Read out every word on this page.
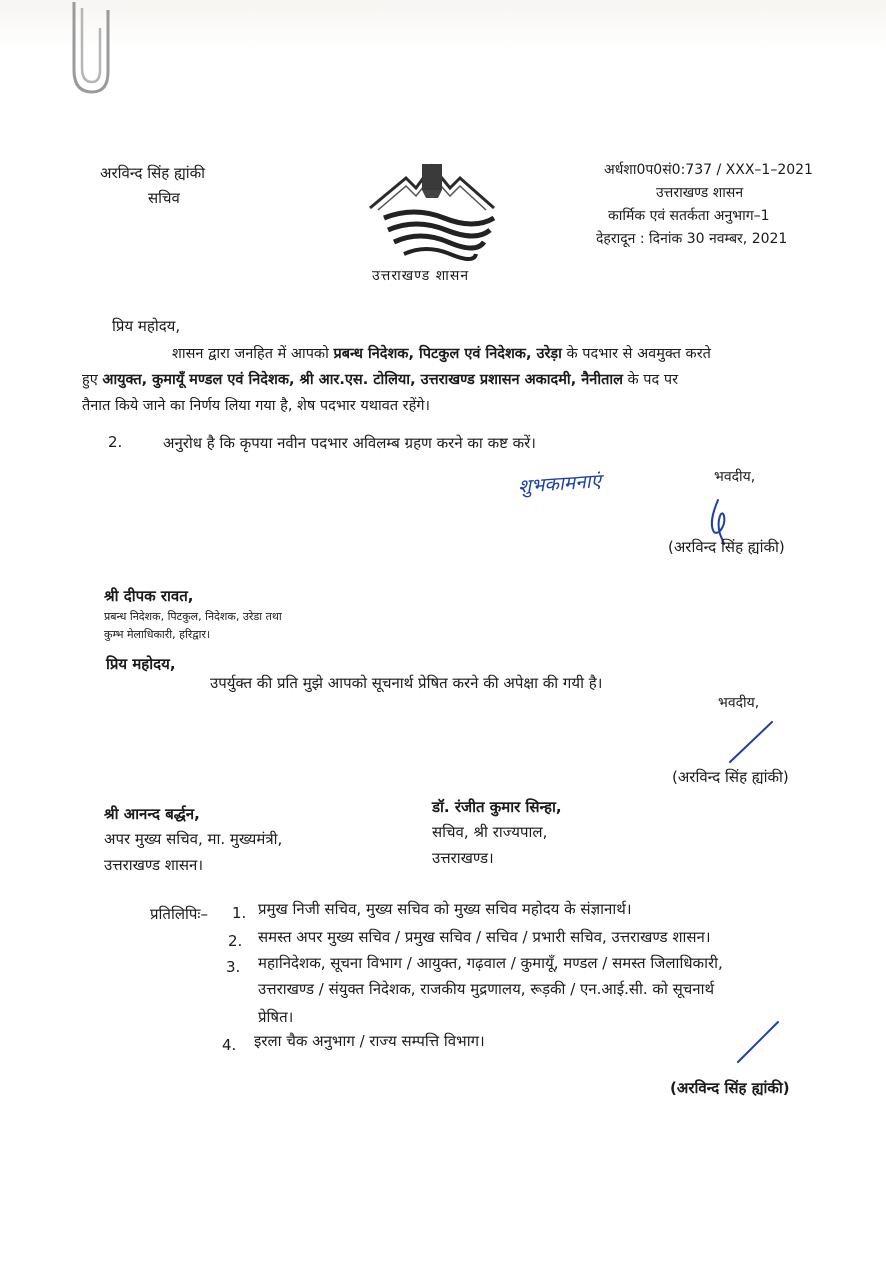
अरविन्द सिंह ह्यांकी
सचिव
उत्तराखण्ड शासन
अर्धशा0प0सं0:737 / XXX–1–2021
उत्तराखण्ड शासन
कार्मिक एवं सतर्कता अनुभाग–1
देहरादून : दिनांक 30 नवम्बर, 2021
प्रिय महोदय,
शासन द्वारा जनहित में आपको प्रबन्ध निदेशक, पिटकुल एवं निदेशक, उरेड़ा के पदभार से अवमुक्त करते
हुए आयुक्त, कुमायूँ मण्डल एवं निदेशक, श्री आर.एस. टोलिया, उत्तराखण्ड प्रशासन अकादमी, नैनीताल के पद पर
तैनात किये जाने का निर्णय लिया गया है, शेष पदभार यथावत रहेंगे।
2.	अनुरोध है कि कृपया नवीन पदभार अविलम्ब ग्रहण करने का कष्ट करें।
शुभकामनाएं	भवदीय,
(अरविन्द सिंह ह्यांकी)
श्री दीपक रावत,
प्रबन्ध निदेशक, पिटकुल, निदेशक, उरेडा तथा
कुम्भ मेलाधिकारी, हरिद्वार।
प्रिय महोदय,
उपर्युक्त की प्रति मुझे आपको सूचनार्थ प्रेषित करने की अपेक्षा की गयी है।
भवदीय,
(अरविन्द सिंह ह्यांकी)
श्री आनन्द बर्द्धन,
अपर मुख्य सचिव, मा. मुख्यमंत्री,
उत्तराखण्ड शासन।
डॉ. रंजीत कुमार सिन्हा,
सचिव, श्री राज्यपाल,
उत्तराखण्ड।
प्रतिलिपिः– 1. प्रमुख निजी सचिव, मुख्य सचिव को मुख्य सचिव महोदय के संज्ञानार्थ।
2. समस्त अपर मुख्य सचिव / प्रमुख सचिव / सचिव / प्रभारी सचिव, उत्तराखण्ड शासन।
3. महानिदेशक, सूचना विभाग / आयुक्त, गढ़वाल / कुमायूँ, मण्डल / समस्त जिलाधिकारी,
उत्तराखण्ड / संयुक्त निदेशक, राजकीय मुद्रणालय, रूड़की / एन.आई.सी. को सूचनार्थ
प्रेषित।
4. इरला चैक अनुभाग / राज्य सम्पत्ति विभाग।
(अरविन्द सिंह ह्यांकी)
